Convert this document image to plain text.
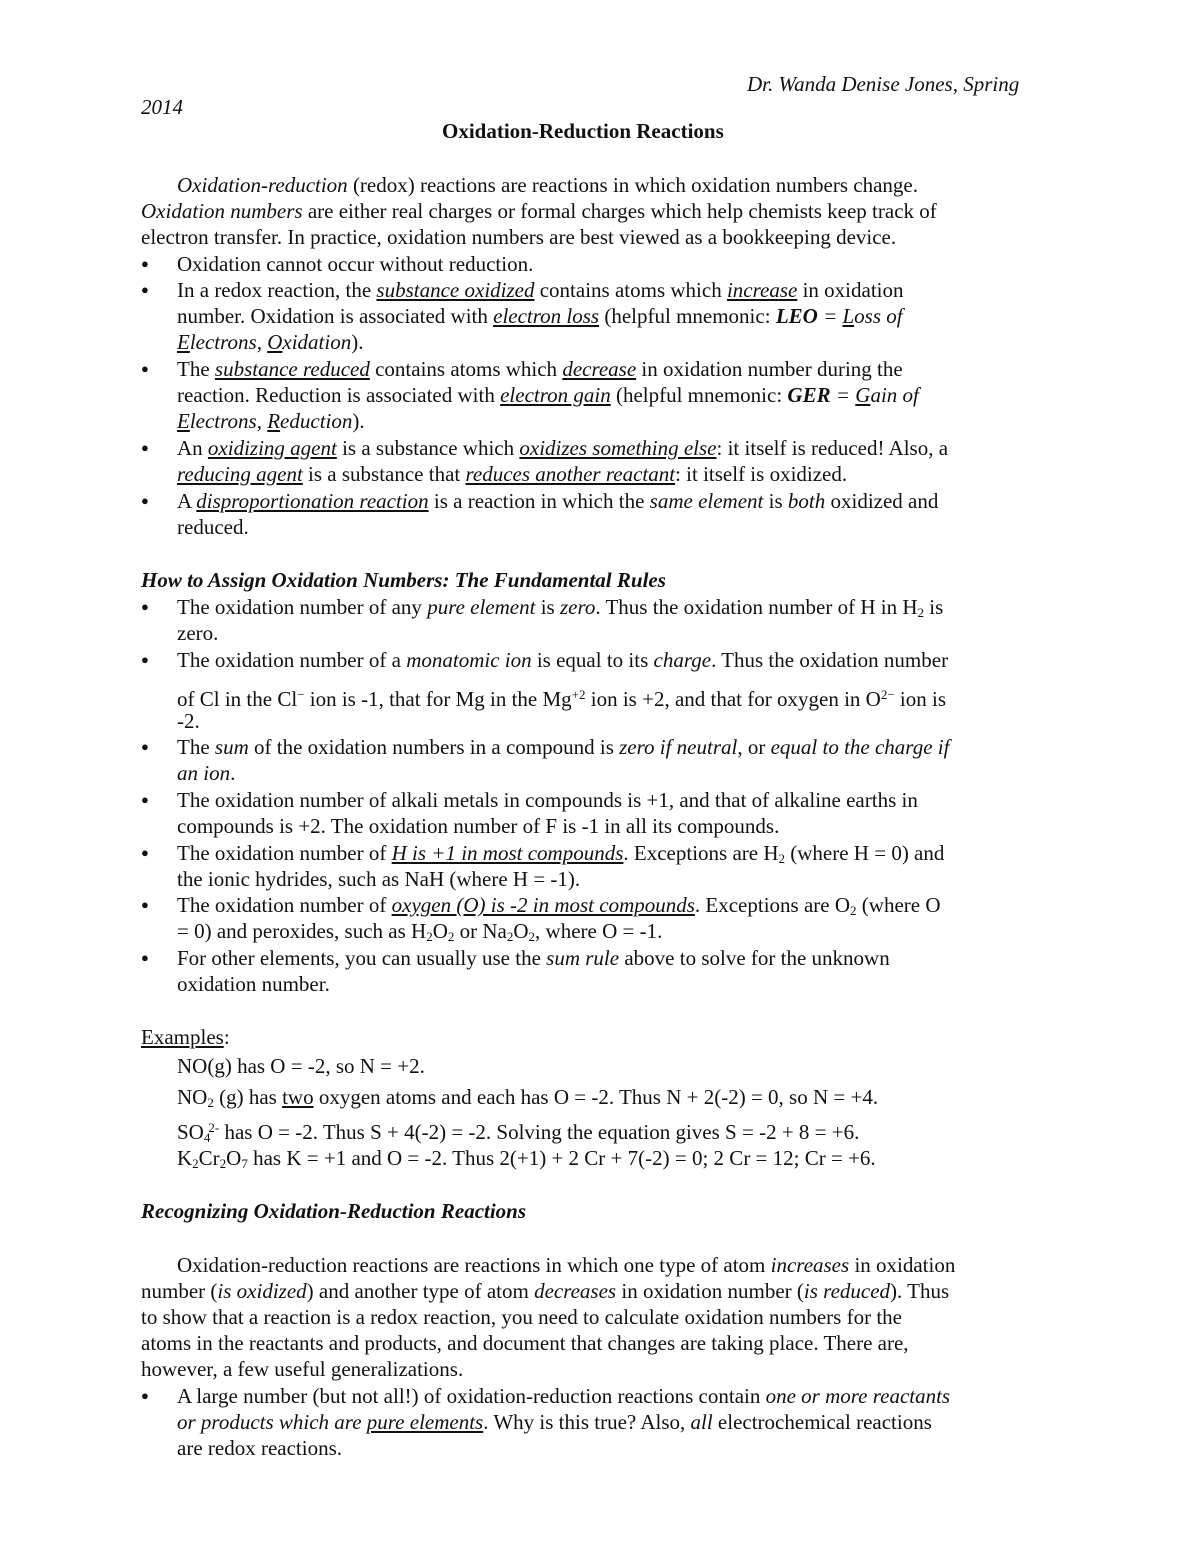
Dr. Wanda Denise Jones, Spring
2014
Oxidation-Reduction Reactions
Oxidation-reduction (redox) reactions are reactions in which oxidation numbers change.
Oxidation numbers are either real charges or formal charges which help chemists keep track of
electron transfer. In practice, oxidation numbers are best viewed as a bookkeeping device.
● Oxidation cannot occur without reduction.
● In a redox reaction, the substance oxidized contains atoms which increase in oxidation
number. Oxidation is associated with electron loss (helpful mnemonic: LEO = Loss of
Electrons, Oxidation).
● The substance reduced contains atoms which decrease in oxidation number during the
reaction. Reduction is associated with electron gain (helpful mnemonic: GER = Gain of
Electrons, Reduction).
● An oxidizing agent is a substance which oxidizes something else: it itself is reduced! Also, a
reducing agent is a substance that reduces another reactant: it itself is oxidized.
● A disproportionation reaction is a reaction in which the same element is both oxidized and
reduced.
How to Assign Oxidation Numbers: The Fundamental Rules
● The oxidation number of any pure element is zero. Thus the oxidation number of H in $H_2$ is
zero.
● The oxidation number of a monatomic ion is equal to its charge. Thus the oxidation number
of Cl in the Cl− ion is -1, that for Mg in the $Mg^{+2}$ ion is +2, and that for oxygen in $O^{2-}$ ion is
-2.
● The sum of the oxidation numbers in a compound is zero if neutral, or equal to the charge if
an ion.
● The oxidation number of alkali metals in compounds is +1, and that of alkaline earths in
compounds is +2. The oxidation number of F is -1 in all its compounds.
● The oxidation number of H is +1 in most compounds. Exceptions are $H_2$ (where H = 0) and
the ionic hydrides, such as NaH (where H = -1).
● The oxidation number of oxygen (O) is -2 in most compounds. Exceptions are $O_2$ (where O
= 0) and peroxides, such as $H_2O_2$ or $Na_2O_2$, where O = -1.
● For other elements, you can usually use the sum rule above to solve for the unknown
oxidation number.
Examples:
NO(g) has O = -2, so N = +2.
$NO_2$ (g) has two oxygen atoms and each has O = -2. Thus N + 2(-2) = 0, so N = +4.
$SO_4^{2-}$ has O = -2. Thus S + 4(-2) = -2. Solving the equation gives S = -2 + 8 = +6.
$K_2Cr_2O_7$ has K = +1 and O = -2. Thus 2(+1) + 2 Cr + 7(-2) = 0; 2 Cr = 12; Cr = +6.
Recognizing Oxidation-Reduction Reactions
Oxidation-reduction reactions are reactions in which one type of atom increases in oxidation
number (is oxidized) and another type of atom decreases in oxidation number (is reduced). Thus
to show that a reaction is a redox reaction, you need to calculate oxidation numbers for the
atoms in the reactants and products, and document that changes are taking place. There are,
however, a few useful generalizations.
● A large number (but not all!) of oxidation-reduction reactions contain one or more reactants
or products which are pure elements. Why is this true? Also, all electrochemical reactions
are redox reactions.
